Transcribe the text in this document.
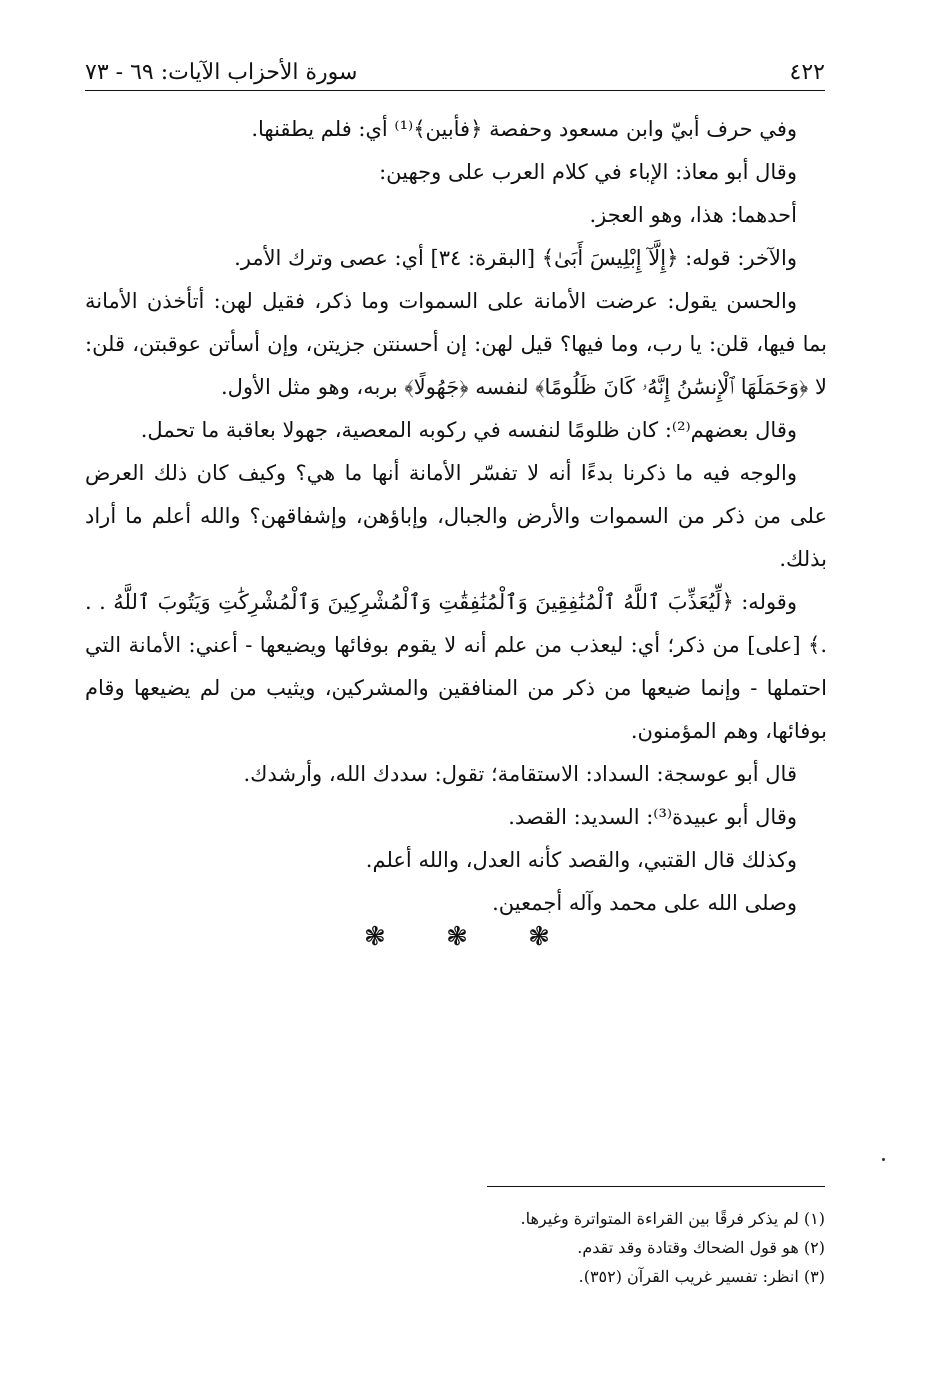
٤٢٢
سورة الأحزاب الآيات: ٦٩ - ٧٣

وفي حرف أبيّ وابن مسعود وحفصة ﴿فأبين﴾⁽¹⁾ أي: فلم يطقنها.

وقال أبو معاذ: الإباء في كلام العرب على وجهين:

أحدهما: هذا، وهو العجز.

والآخر: قوله: ﴿إِلَّآ إِبْلِيسَ أَبَىٰ﴾ [البقرة: ٣٤] أي: عصى وترك الأمر.

والحسن يقول: عرضت الأمانة على السموات وما ذكر، فقيل لهن: أتأخذن الأمانة بما فيها، قلن: يا رب، وما فيها؟ قيل لهن: إن أحسنتن جزيتن، وإن أسأتن عوقبتن، قلن: لا ﴿وَحَمَلَهَا ٱلْإِنسَٰنُ إِنَّهُۥ كَانَ ظَلُومًا﴾ لنفسه ﴿جَهُولًا﴾ بربه، وهو مثل الأول.

وقال بعضهم⁽²⁾: كان ظلومًا لنفسه في ركوبه المعصية، جهولا بعاقبة ما تحمل.

والوجه فيه ما ذكرنا بدءًا أنه لا تفسّر الأمانة أنها ما هي؟ وكيف كان ذلك العرض على من ذكر من السموات والأرض والجبال، وإباؤهن، وإشفاقهن؟ والله أعلم ما أراد بذلك.

وقوله: ﴿لِّيُعَذِّبَ ٱللَّهُ ٱلْمُنَٰفِقِينَ وَٱلْمُنَٰفِقَٰتِ وَٱلْمُشْرِكِينَ وَٱلْمُشْرِكَٰتِ وَيَتُوبَ ٱللَّهُ . . .﴾ [على] من ذكر؛ أي: ليعذب من علم أنه لا يقوم بوفائها ويضيعها - أعني: الأمانة التي احتملها - وإنما ضيعها من ذكر من المنافقين والمشركين، ويثيب من لم يضيعها وقام بوفائها، وهم المؤمنون.

قال أبو عوسجة: السداد: الاستقامة؛ تقول: سددك الله، وأرشدك.

وقال أبو عبيدة⁽³⁾: السديد: القصد.

وكذلك قال القتبي، والقصد كأنه العدل، والله أعلم.

وصلى الله على محمد وآله أجمعين.

❃ ❃ ❃
(١) لم يذكر فرقًا بين القراءة المتواترة وغيرها.
(٢) هو قول الضحاك وقتادة وقد تقدم.
(٣) انظر: تفسير غريب القرآن (٣٥٢).
